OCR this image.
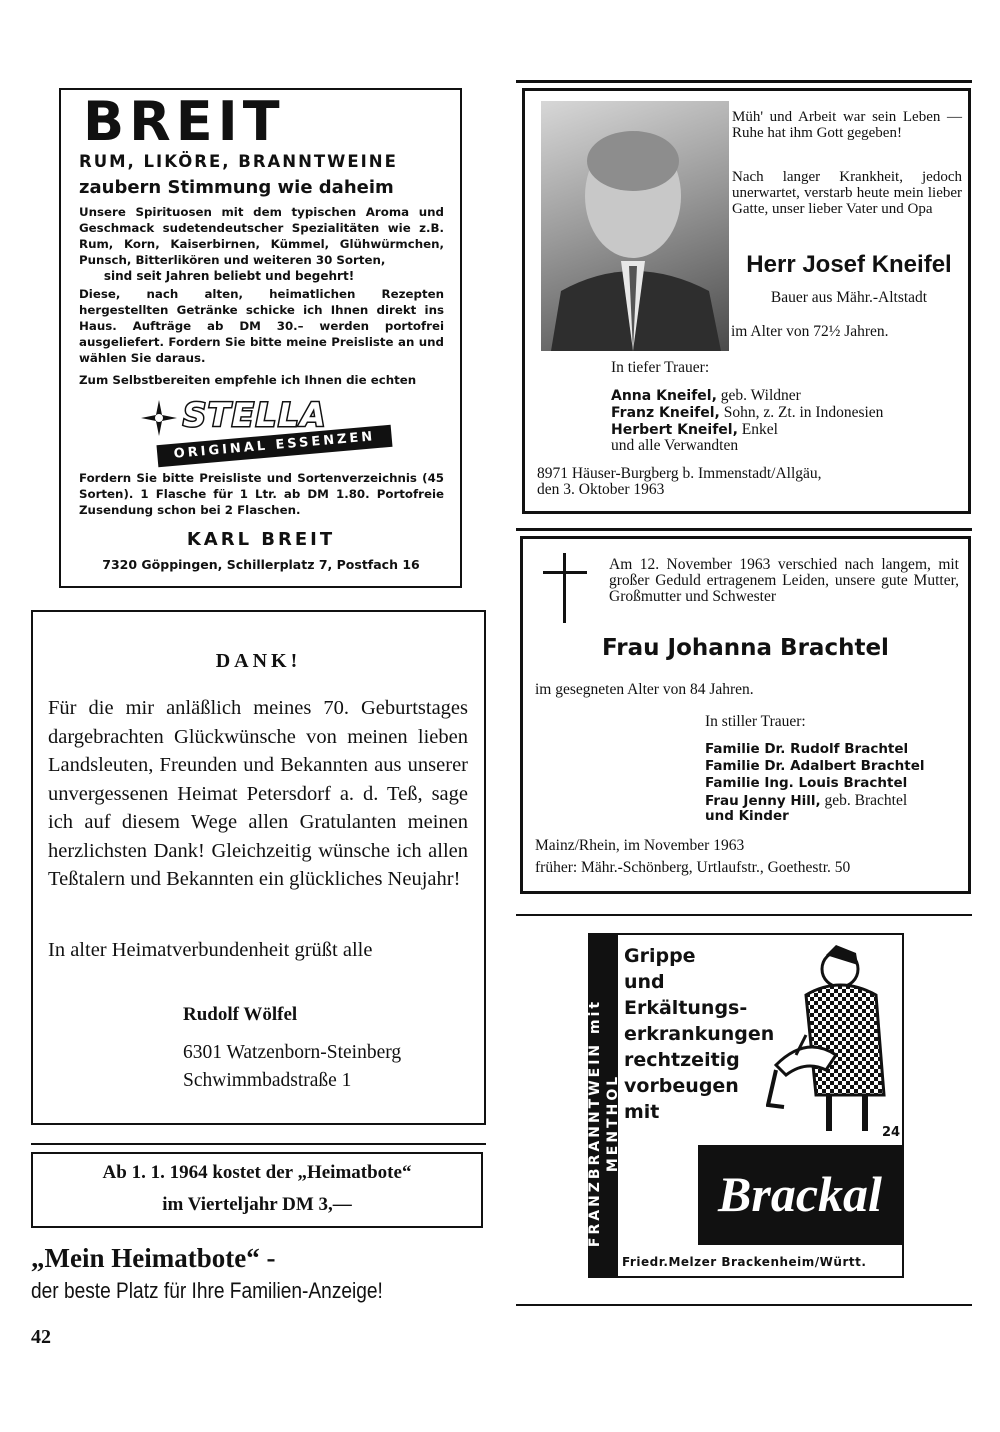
BREIT
RUM, LIKÖRE, BRANNTWEINE
zaubern Stimmung wie daheim
Unsere Spirituosen mit dem typischen Aroma und Geschmack sudetendeutscher Spezialitäten wie z.B. Rum, Korn, Kaiserbirnen, Kümmel, Glühwürmchen, Punsch, Bitterlikören und weiteren 30 Sorten,
sind seit Jahren beliebt und begehrt!
Diese, nach alten, heimatlichen Rezepten hergestellten Getränke schicke ich Ihnen direkt ins Haus. Aufträge ab DM 30.– werden portofrei ausgeliefert. Fordern Sie bitte meine Preisliste an und wählen Sie daraus.
Zum Selbstbereiten empfehle ich Ihnen die echten
STELLA
ORIGINAL ESSENZEN
Fordern Sie bitte Preisliste und Sortenverzeichnis (45 Sorten). 1 Flasche für 1 Ltr. ab DM 1.80. Portofreie Zusendung schon bei 2 Flaschen.
KARL BREIT
7320 Göppingen, Schillerplatz 7, Postfach 16
DANK!
Für die mir anläßlich meines 70. Geburtstages dargebrachten Glückwünsche von meinen lieben Landsleuten, Freunden und Bekannten aus unserer unvergessenen Heimat Petersdorf a. d. Teß, sage ich auf diesem Wege allen Gratulanten meinen herzlichsten Dank! Gleichzeitig wünsche ich allen Teßtalern und Bekannten ein glückliches Neujahr!
In alter Heimatverbundenheit grüßt alle
Rudolf Wölfel
6301 Watzenborn-Steinberg
Schwimmbadstraße 1
Ab 1. 1. 1964 kostet der „Heimatbote“
im Vierteljahr DM 3,—
„Mein Heimatbote“ -
der beste Platz für Ihre Familien-Anzeige!
42
Müh' und Arbeit war sein Leben — Ruhe hat ihm Gott gegeben!
Nach langer Krankheit, jedoch unerwartet, verstarb heute mein lieber Gatte, unser lieber Vater und Opa
Herr Josef Kneifel
Bauer aus Mähr.-Altstadt
im Alter von 72½ Jahren.
In tiefer Trauer:
Anna Kneifel, geb. Wildner
Franz Kneifel, Sohn, z. Zt. in Indonesien
Herbert Kneifel, Enkel
und alle Verwandten
8971 Häuser-Burgberg b. Immenstadt/Allgäu,
den 3. Oktober 1963
Am 12. November 1963 verschied nach langem, mit großer Geduld ertragenem Leiden, unsere gute Mutter, Großmutter und Schwester
Frau Johanna Brachtel
im gesegneten Alter von 84 Jahren.
In stiller Trauer:
Familie Dr. Rudolf Brachtel
Familie Dr. Adalbert Brachtel
Familie Ing. Louis Brachtel
Frau Jenny Hill, geb. Brachtel
und Kinder
Mainz/Rhein, im November 1963
früher: Mähr.-Schönberg, Urtlaufstr., Goethestr. 50
FRANZBRANNTWEIN mit MENTHOL
Grippe
und
Erkältungs-
erkrankungen
rechtzeitig
vorbeugen
mit
24
Brackal
Friedr.Melzer Brackenheim/Württ.
